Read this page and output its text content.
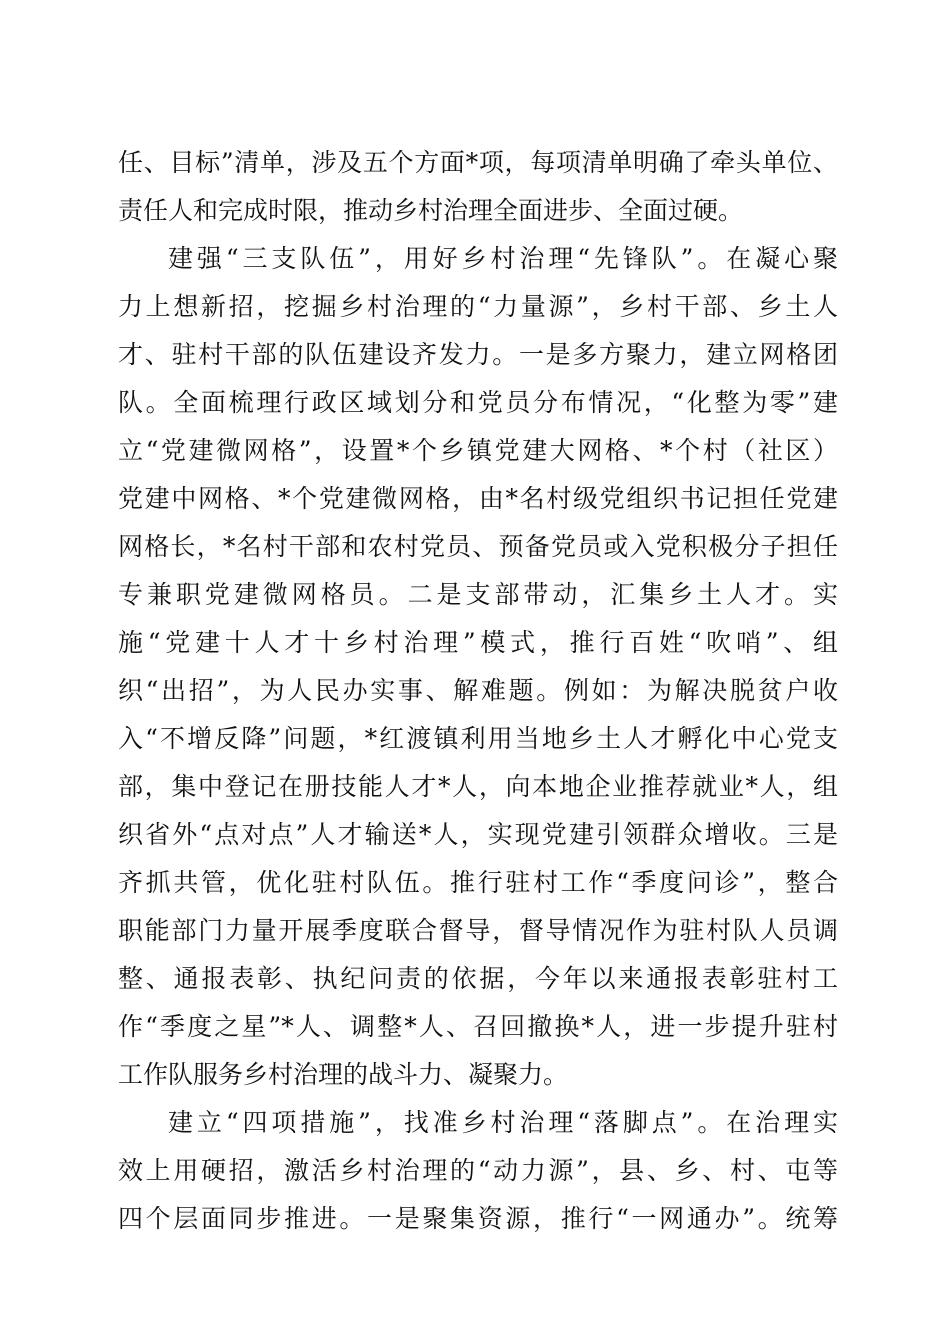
任、目标”清单，涉及五个方面*项，每项清单明确了牵头单位、
责任人和完成时限，推动乡村治理全面进步、全面过硬。
建强“三支队伍”，用好乡村治理“先锋队”。在凝心聚
力上想新招，挖掘乡村治理的“力量源”，乡村干部、乡土人
才、驻村干部的队伍建设齐发力。一是多方聚力，建立网格团
队。全面梳理行政区域划分和党员分布情况，“化整为零”建
立“党建微网格”，设置*个乡镇党建大网格、*个村（社区）
党建中网格、*个党建微网格，由*名村级党组织书记担任党建
网格长，*名村干部和农村党员、预备党员或入党积极分子担任
专兼职党建微网格员。二是支部带动，汇集乡土人才。实
施“党建十人才十乡村治理”模式，推行百姓“吹哨”、组
织“出招”，为人民办实事、解难题。例如：为解决脱贫户收
入“不增反降”问题，*红渡镇利用当地乡土人才孵化中心党支
部，集中登记在册技能人才*人，向本地企业推荐就业*人，组
织省外“点对点”人才输送*人，实现党建引领群众增收。三是
齐抓共管，优化驻村队伍。推行驻村工作“季度问诊”，整合
职能部门力量开展季度联合督导，督导情况作为驻村队人员调
整、通报表彰、执纪问责的依据，今年以来通报表彰驻村工
作“季度之星”*人、调整*人、召回撤换*人，进一步提升驻村
工作队服务乡村治理的战斗力、凝聚力。
建立“四项措施”，找准乡村治理“落脚点”。在治理实
效上用硬招，激活乡村治理的“动力源”，县、乡、村、屯等
四个层面同步推进。一是聚集资源，推行“一网通办”。统筹
